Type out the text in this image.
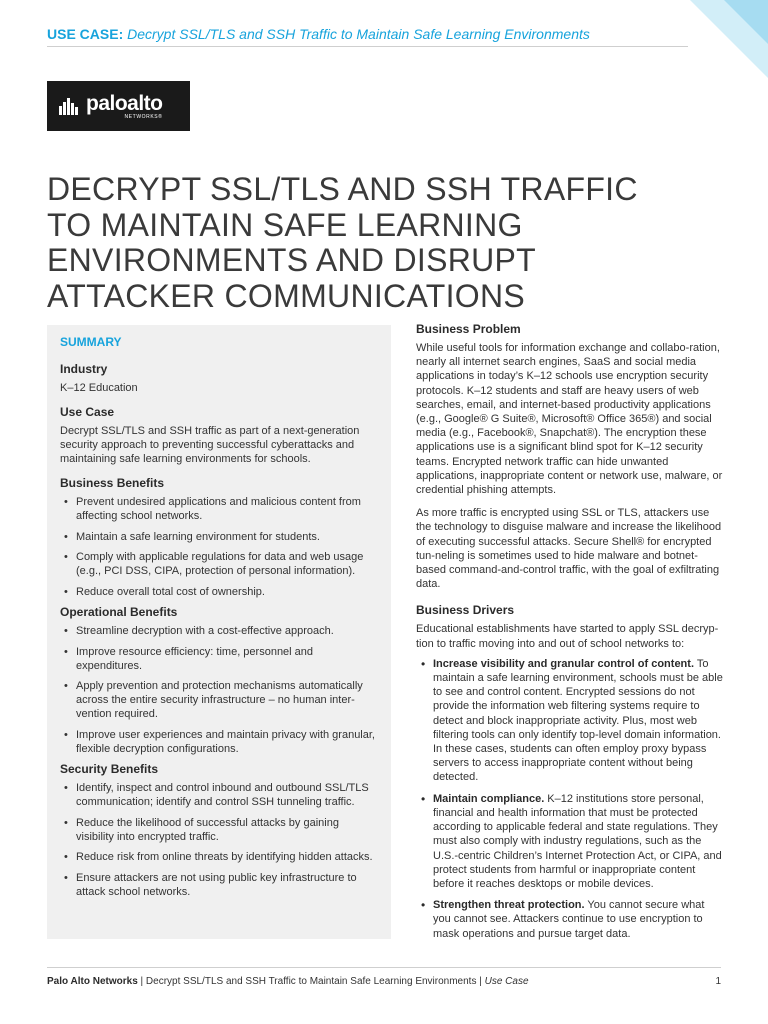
USE CASE: Decrypt SSL/TLS and SSH Traffic to Maintain Safe Learning Environments
paloalto
NETWORKS®
DECRYPT SSL/TLS AND SSH TRAFFIC TO MAINTAIN SAFE LEARNING ENVIRONMENTS AND DISRUPT ATTACKER COMMUNICATIONS
SUMMARY
Industry
K–12 Education
Use Case
Decrypt SSL/TLS and SSH traffic as part of a next-generation security approach to preventing successful cyberattacks and maintaining safe learning environments for schools.
Business Benefits
• Prevent undesired applications and malicious content from affecting school networks.
• Maintain a safe learning environment for students.
• Comply with applicable regulations for data and web usage (e.g., PCI DSS, CIPA, protection of personal information).
• Reduce overall total cost of ownership.
Operational Benefits
• Streamline decryption with a cost-effective approach.
• Improve resource efficiency: time, personnel and expenditures.
• Apply prevention and protection mechanisms automatically across the entire security infrastructure – no human inter-vention required.
• Improve user experiences and maintain privacy with granular, flexible decryption configurations.
Security Benefits
• Identify, inspect and control inbound and outbound SSL/TLS communication; identify and control SSH tunneling traffic.
• Reduce the likelihood of successful attacks by gaining visibility into encrypted traffic.
• Reduce risk from online threats by identifying hidden attacks.
• Ensure attackers are not using public key infrastructure to attack school networks.
Business Problem

While useful tools for information exchange and collabo-ration, nearly all internet search engines, SaaS and social media applications in today’s K–12 schools use encryption security protocols. K–12 students and staff are heavy users of web searches, email, and internet-based productivity applications (e.g., Google® G Suite®, Microsoft® Office 365®) and social media (e.g., Facebook®, Snapchat®). The encryption these applications use is a significant blind spot for K–12 security teams. Encrypted network traffic can hide unwanted applications, inappropriate content or network use, malware, or credential phishing attempts.

As more traffic is encrypted using SSL or TLS, attackers use the technology to disguise malware and increase the likelihood of executing successful attacks. Secure Shell® for encrypted tun-neling is sometimes used to hide malware and botnet-based command-and-control traffic, with the goal of exfiltrating data.

Business Drivers

Educational establishments have started to apply SSL decryp-tion to traffic moving into and out of school networks to:

• Increase visibility and granular control of content. To maintain a safe learning environment, schools must be able to see and control content. Encrypted sessions do not provide the information web filtering systems require to detect and block inappropriate activity. Plus, most web filtering tools can only identify top-level domain information. In these cases, students can often employ proxy bypass servers to access inappropriate content without being detected.
• Maintain compliance. K–12 institutions store personal, financial and health information that must be protected according to applicable federal and state regulations. They must also comply with industry regulations, such as the U.S.-centric Children’s Internet Protection Act, or CIPA, and protect students from harmful or inappropriate content before it reaches desktops or mobile devices.
• Strengthen threat protection. You cannot secure what you cannot see. Attackers continue to use encryption to mask operations and pursue target data.
Palo Alto Networks | Decrypt SSL/TLS and SSH Traffic to Maintain Safe Learning Environments | Use Case	1
